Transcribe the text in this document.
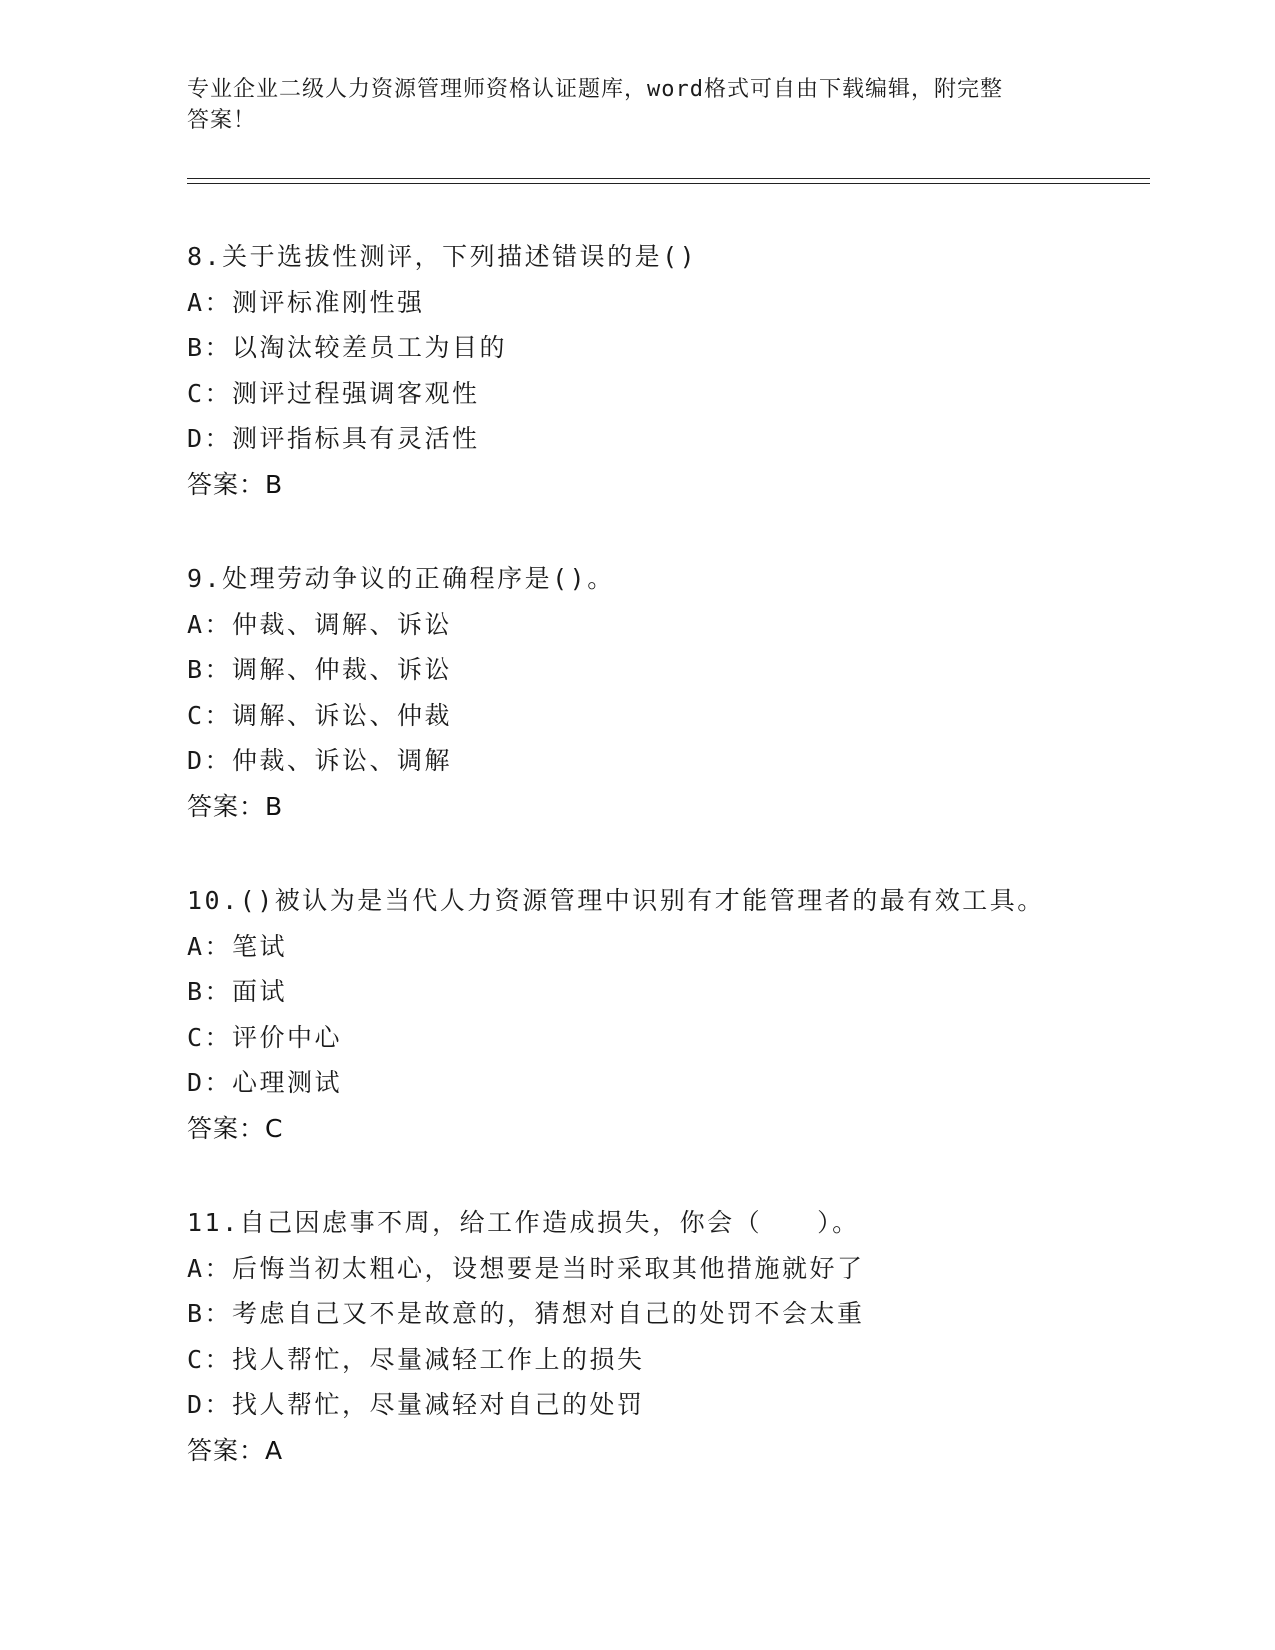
专业企业二级人力资源管理师资格认证题库，word格式可自由下载编辑，附完整
答案！
8.关于选拔性测评，下列描述错误的是()
A：测评标准刚性强
B：以淘汰较差员工为目的
C：测评过程强调客观性
D：测评指标具有灵活性
答案：B
9.处理劳动争议的正确程序是()。
A：仲裁、调解、诉讼
B：调解、仲裁、诉讼
C：调解、诉讼、仲裁
D：仲裁、诉讼、调解
答案：B
10.()被认为是当代人力资源管理中识别有才能管理者的最有效工具。
A：笔试
B：面试
C：评价中心
D：心理测试
答案：C
11.自己因虑事不周，给工作造成损失，你会（　　）。
A：后悔当初太粗心，设想要是当时采取其他措施就好了
B：考虑自己又不是故意的，猜想对自己的处罚不会太重
C：找人帮忙，尽量减轻工作上的损失
D：找人帮忙，尽量减轻对自己的处罚
答案：A
